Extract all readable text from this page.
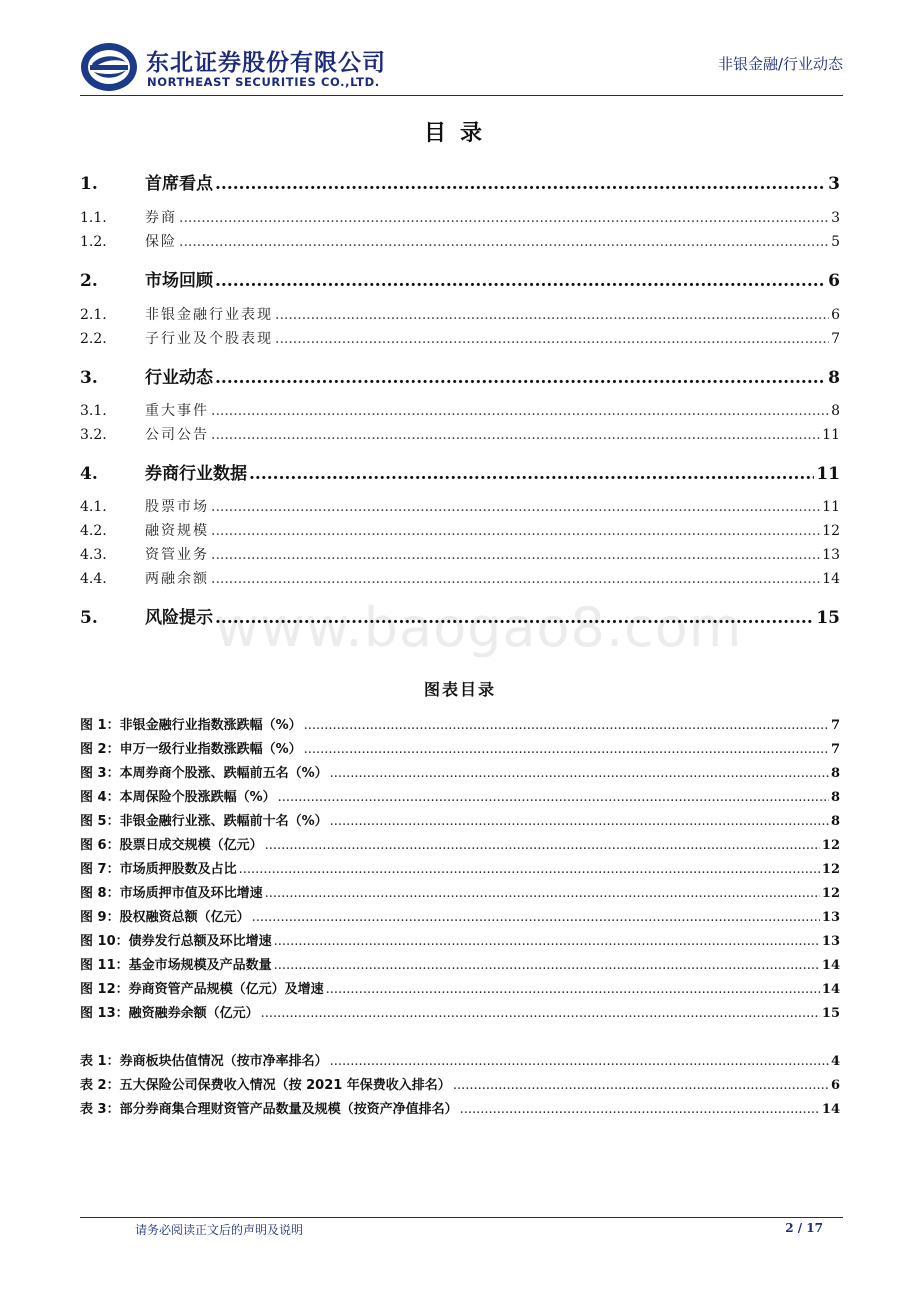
东北证券股份有限公司
NORTHEAST SECURITIES CO.,LTD.
非银金融/行业动态
目录
www.baogao8.com
1.	首席看点 .....	3
1.1.	券商 .....	3
1.2.	保险 .....	5
2.	市场回顾 .....	6
2.1.	非银金融行业表现 .....	6
2.2.	子行业及个股表现 .....	7
3.	行业动态 .....	8
3.1.	重大事件 .....	8
3.2.	公司公告 .....	11
4.	券商行业数据 .....	11
4.1.	股票市场 .....	11
4.2.	融资规模 .....	12
4.3.	资管业务 .....	13
4.4.	两融余额 .....	14
5.	风险提示 .....	15
图 1：非银金融行业指数涨跌幅（%） .....	7
图 2：申万一级行业指数涨跌幅（%） .....	7
图 3：本周券商个股涨、跌幅前五名（%） .....	8
图 4：本周保险个股涨跌幅（%） .....	8
图 5：非银金融行业涨、跌幅前十名（%） .....	8
图 6：股票日成交规模（亿元） .....	12
图 7：市场质押股数及占比 .....	12
图 8：市场质押市值及环比增速 .....	12
图 9：股权融资总额（亿元） .....	13
图 10：债券发行总额及环比增速 .....	13
图 11：基金市场规模及产品数量 .....	14
图 12：券商资管产品规模（亿元）及增速 .....	14
图 13：融资融券余额（亿元） .....	15
表 1：券商板块估值情况（按市净率排名） .....	4
表 2：五大保险公司保费收入情况（按 2021 年保费收入排名） .....	6
表 3：部分券商集合理财资管产品数量及规模（按资产净值排名） .....	14
图表目录
请务必阅读正文后的声明及说明	2 / 17
